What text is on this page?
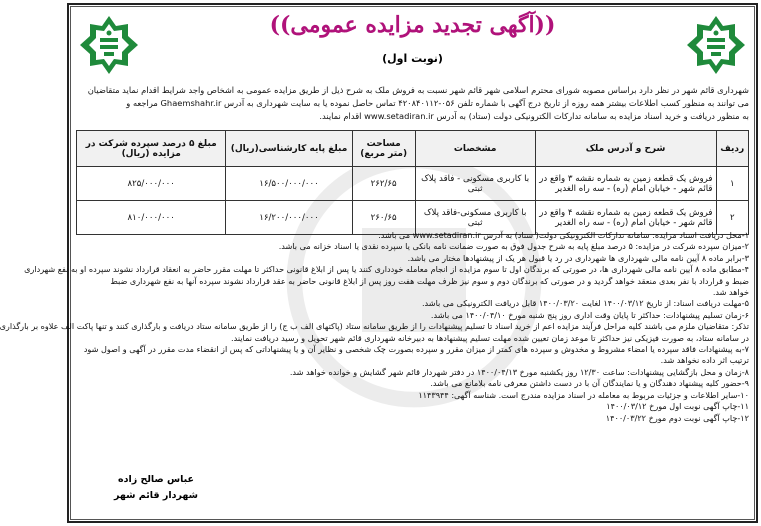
((آگهی تجدید مزایده عمومی))
(نوبت اول)
شهرداری قائم شهر در نظر دارد براساس مصوبه شورای محترم اسلامی شهر قائم شهر نسبت به فروش ملک به شرح ذیل از طریق مزایده عمومی به اشخاص واجد شرایط اقدام نماید متقاضیان
می توانند به منظور کسب اطلاعات بیشتر همه روزه از تاریخ درج آگهی با شماره تلفن ۰۵۶-۴۲۰۸۴۰۱۱۲ تماس حاصل نموده یا به سایت شهرداری به آدرس Ghaemshahr.ir مراجعه و
به منظور دریافت و خرید اسناد مزایده به سامانه تدارکات الکترونیکی دولت (ستاد) به آدرس www.setadiran.ir اقدام نمایند.
ردیف	شرح و آدرس ملک	مشخصات	مساحت (متر مربع)	مبلغ پایه کارشناسی(ریال)	مبلغ ۵ درصد سپرده شرکت در مزایده (ریال)
۱	فروش یک قطعه زمین به شماره نقشه ۳ واقع در قائم شهر - خیابان امام (ره) - سه راه الغدیر	با کاربری مسکونی - فاقد پلاک ثبتی	۲۶۲/۶۵	۱۶/۵۰۰/۰۰۰/۰۰۰	۸۲۵/۰۰۰/۰۰۰
۲	فروش یک قطعه زمین به شماره نقشه ۴ واقع در قائم شهر - خیابان امام (ره) - سه راه الغدیر	با کاربری مسکونی-فاقد پلاک ثبتی	۲۶۰/۶۵	۱۶/۲۰۰/۰۰۰/۰۰۰	۸۱۰/۰۰۰/۰۰۰
۱-محل دریافت اسناد مزایده: سامانه تدارکات الکترونیکی دولت( ستاد) به آدرس www.setadiran.ir می باشد.
۲-میزان سپرده شرکت در مزایده: ۵ درصد مبلغ پایه به شرح جدول فوق به صورت ضمانت نامه بانکی یا سپرده نقدی یا اسناد خزانه می باشد.
۳-برابر ماده ۸ آیین نامه مالی شهرداری ها شهرداری در رد یا قبول هر یک از پیشنهادها مختار می باشد.
۴-مطابق ماده ۸ آیین نامه مالی شهرداری ها، در صورتی که برندگان اول تا سوم مزایده از انجام معامله خودداری کنند یا پس از ابلاغ قانونی حداکثر تا مهلت مقرر حاضر به انعقاد قرارداد نشوند سپرده او به نفع شهرداری
ضبط و قرارداد با نفر بعدی منعقد خواهد گردید و در صورتی که برندگان دوم و سوم نیز ظرف مهلت هفت روز پس از ابلاغ قانونی حاضر به عقد قرارداد نشوند سپرده آنها به نفع شهرداری ضبط
خواهد شد.
۵-مهلت دریافت اسناد: از تاریخ ۱۴۰۰/۰۳/۱۲ لغایت ۱۴۰۰/۰۳/۲۰ قابل دریافت الکترونیکی می باشد.
۶-زمان تسلیم پیشنهادات: حداکثر تا پایان وقت اداری روز پنج شنبه مورخ ۱۴۰۰/۰۴/۱۰ می باشد.
تذکر: متقاضیان ملزم می باشند کلیه مراحل فرآیند مزایده اعم از خرید اسناد تا تسلیم پیشنهادات را از طریق سامانه ستاد (پاکتهای الف ب ج) را از طریق سامانه ستاد دریافت و بارگذاری کنند و تنها پاکت الف علاوه بر بارگذاری
در سامانه ستاد، به صورت فیزیکی نیز حداکثر تا موعد زمان تعیین شده مهلت تسلیم پیشنهادها به دبیرخانه شهرداری قائم شهر تحویل و رسید دریافت نمایند.
۷-به پیشنهادات فاقد سپرده یا امضاء مشروط و مخدوش و سپرده های کمتر از میزان مقرر و سپرده بصورت چک شخصی و نظایر آن و یا پیشنهاداتی که پس از انقضاء مدت مقرر در آگهی و اصول شود
ترتیب اثر داده نخواهد شد.
۸-زمان و محل بازگشایی پیشنهادات: ساعت ۱۲/۳۰ روز یکشنبه مورخ ۱۴۰۰/۰۴/۱۳ در دفتر شهردار قائم شهر گشایش و خوانده خواهد شد.
۹-حضور کلیه پیشنهاد دهندگان و یا نمایندگان آن با در دست داشتن معرفی نامه بلامانع می باشد.
۱۰-سایر اطلاعات و جزئیات مربوط به معامله در اسناد مزایده مندرج است. شناسه آگهی: ۱۱۴۳۹۴۴
۱۱-چاپ آگهی نوبت اول مورخ ۱۴۰۰/۰۳/۱۲
۱۲-چاپ آگهی نوبت دوم مورخ ۱۴۰۰/۰۳/۲۲
عباس صالح زاده
شهردار قائم شهر
